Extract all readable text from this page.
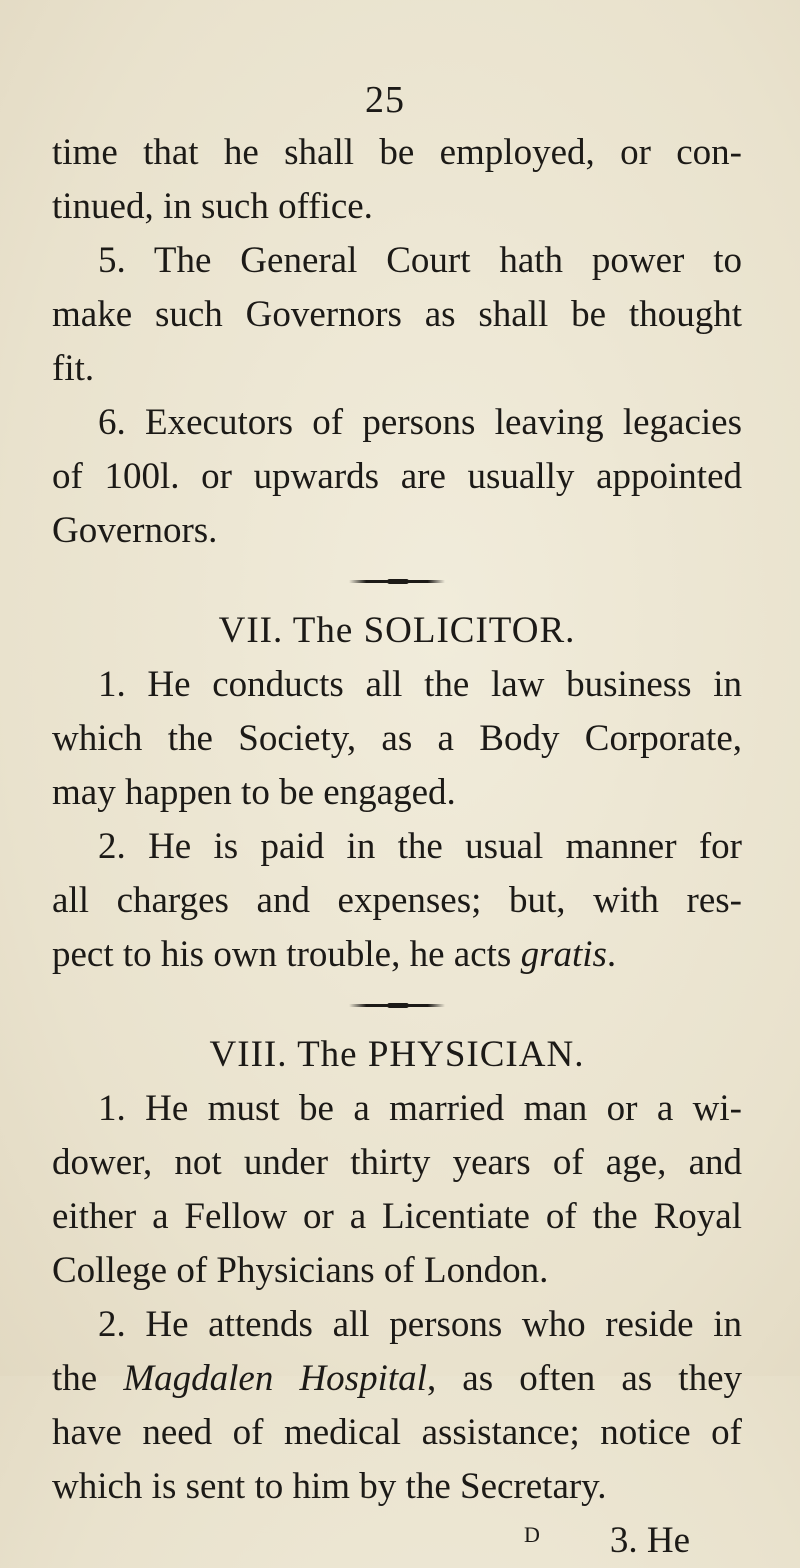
25
time that he shall be employed, or con-
tinued, in such office.
5. The General Court hath power to
make such Governors as shall be thought
fit.
6. Executors of persons leaving legacies
of 100l. or upwards are usually appointed
Governors.
VII. The SOLICITOR.
1. He conducts all the law business in
which the Society, as a Body Corporate,
may happen to be engaged.
2. He is paid in the usual manner for
all charges and expenses; but, with res-
pect to his own trouble, he acts gratis.
VIII. The PHYSICIAN.
1. He must be a married man or a wi-
dower, not under thirty years of age, and
either a Fellow or a Licentiate of the Royal
College of Physicians of London.
2. He attends all persons who reside in
the Magdalen Hospital, as often as they
have need of medical assistance; notice of
which is sent to him by the Secretary.
D 3. He
